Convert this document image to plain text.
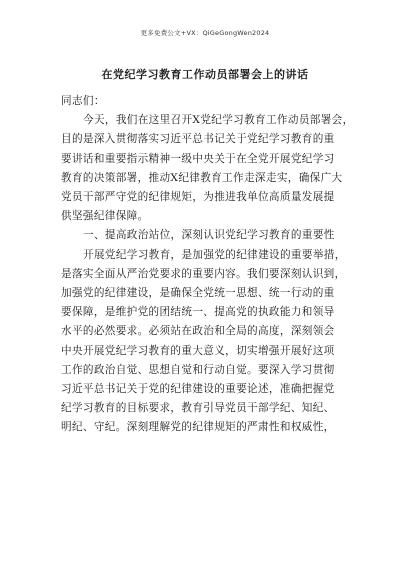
更多免费公文+VX：QiGeGongWen2024
在党纪学习教育工作动员部署会上的讲话
同志们：
今天，我们在这里召开X党纪学习教育工作动员部署会，
目的是深入贯彻落实习近平总书记关于党纪学习教育的重
要讲话和重要指示精神一级中央关于在全党开展党纪学习
教育的决策部署，推动X纪律教育工作走深走实，确保广大
党员干部严守党的纪律规矩，为推进我单位高质量发展提
供坚强纪律保障。
一、提高政治站位，深刻认识党纪学习教育的重要性
开展党纪学习教育，是加强党的纪律建设的重要举措，
是落实全面从严治党要求的重要内容。我们要深刻认识到，
加强党的纪律建设，是确保全党统一思想、统一行动的重
要保障，是维护党的团结统一、提高党的执政能力和领导
水平的必然要求。必须站在政治和全局的高度，深刻领会
中央开展党纪学习教育的重大意义，切实增强开展好这项
工作的政治自觉、思想自觉和行动自觉。要深入学习贯彻
习近平总书记关于党的纪律建设的重要论述，准确把握党
纪学习教育的目标要求，教育引导党员干部学纪、知纪、
明纪、守纪。深刻理解党的纪律规矩的严肃性和权威性，
